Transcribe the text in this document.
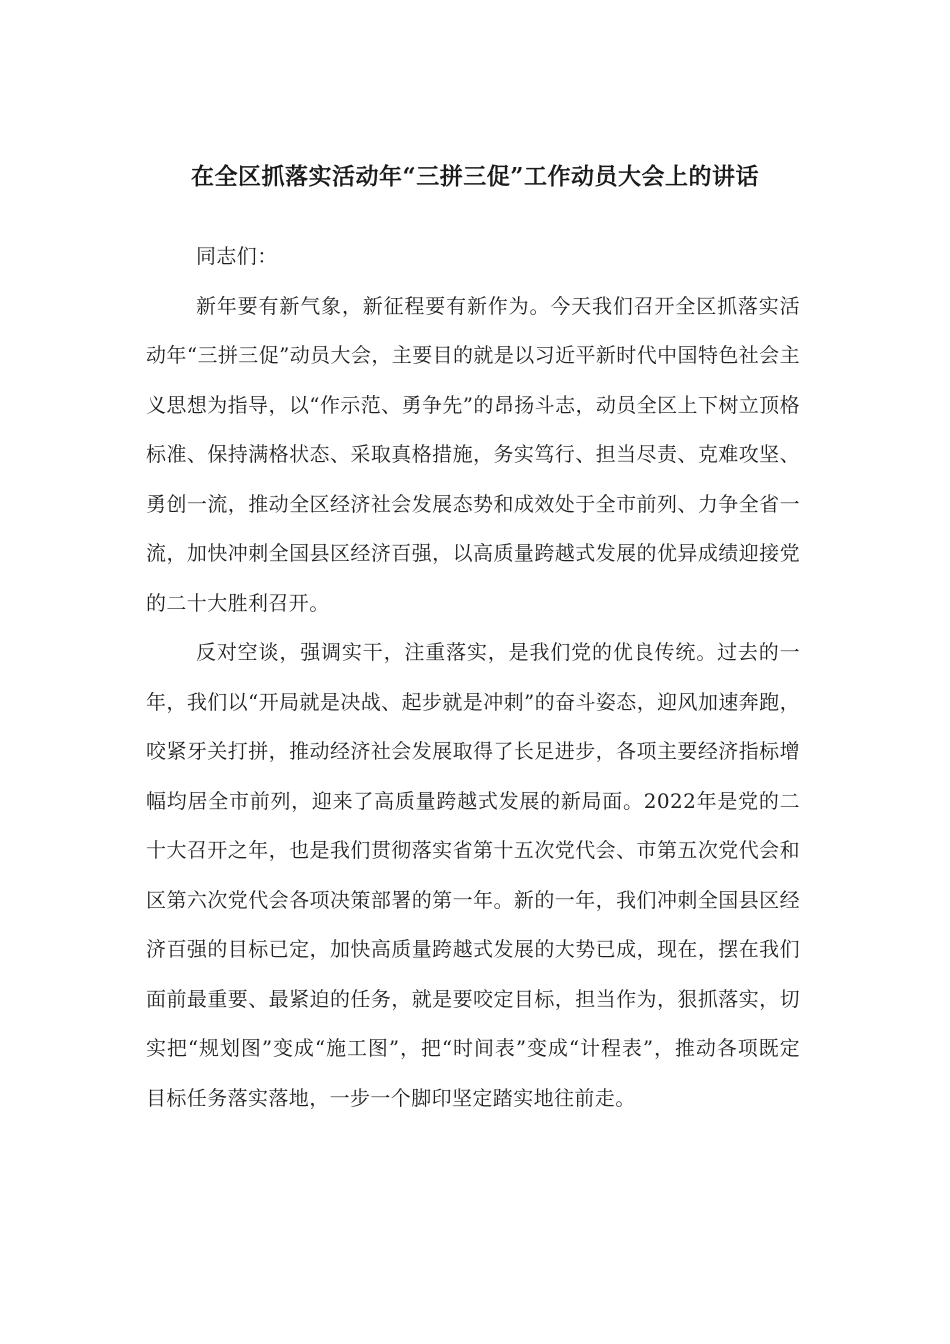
在全区抓落实活动年“三拼三促”工作动员大会上的讲话

同志们：

新年要有新气象，新征程要有新作为。今天我们召开全区抓落实活动年“三拼三促”动员大会，主要目的就是以习近平新时代中国特色社会主义思想为指导，以“作示范、勇争先”的昂扬斗志，动员全区上下树立顶格标准、保持满格状态、采取真格措施，务实笃行、担当尽责、克难攻坚、勇创一流，推动全区经济社会发展态势和成效处于全市前列、力争全省一流，加快冲刺全国县区经济百强，以高质量跨越式发展的优异成绩迎接党的二十大胜利召开。

反对空谈，强调实干，注重落实，是我们党的优良传统。过去的一年，我们以“开局就是决战、起步就是冲刺”的奋斗姿态，迎风加速奔跑，咬紧牙关打拼，推动经济社会发展取得了长足进步，各项主要经济指标增幅均居全市前列，迎来了高质量跨越式发展的新局面。2022年是党的二十大召开之年，也是我们贯彻落实省第十五次党代会、市第五次党代会和区第六次党代会各项决策部署的第一年。新的一年，我们冲刺全国县区经济百强的目标已定，加快高质量跨越式发展的大势已成，现在，摆在我们面前最重要、最紧迫的任务，就是要咬定目标，担当作为，狠抓落实，切实把“规划图”变成“施工图”，把“时间表”变成“计程表”，推动各项既定目标任务落实落地，一步一个脚印坚定踏实地往前走。
